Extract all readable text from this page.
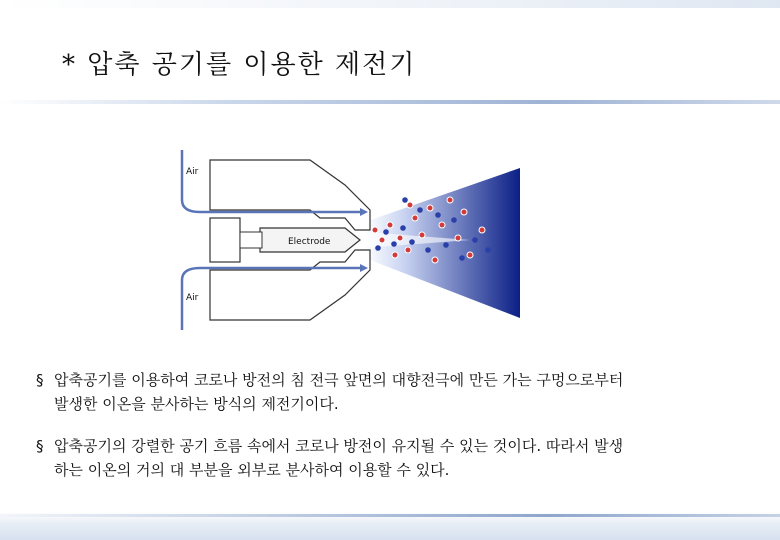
* 압축 공기를 이용한 제전기
Electrode
Air
Air
§ 압축공기를 이용하여 코로나 방전의 침 전극 앞면의 대향전극에 만든 가는 구멍으로부터
발생한 이온을 분사하는 방식의 제전기이다.
§ 압축공기의 강렬한 공기 흐름 속에서 코로나 방전이 유지될 수 있는 것이다. 따라서 발생
하는 이온의 거의 대 부분을 외부로 분사하여 이용할 수 있다.
